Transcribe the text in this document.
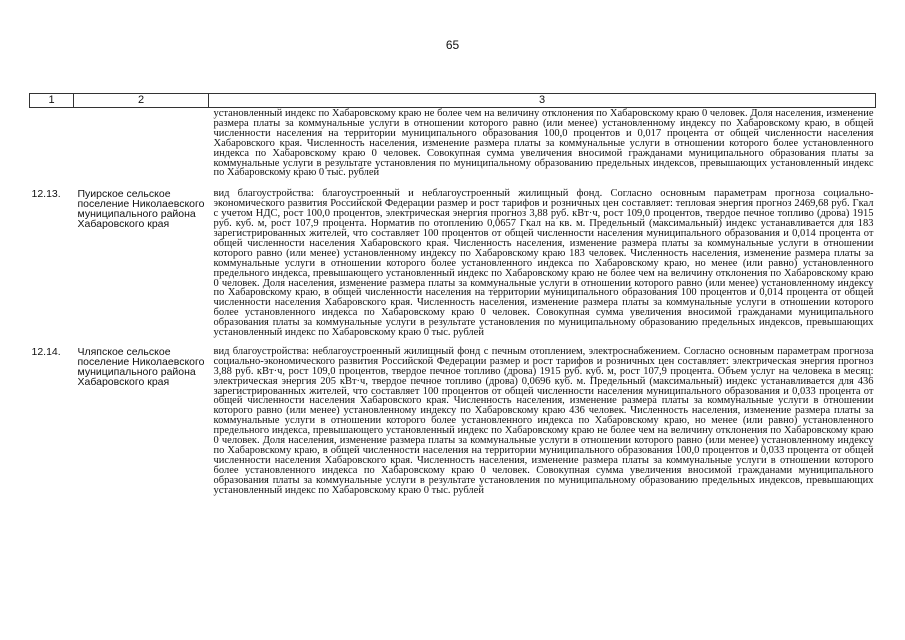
65
1	2	3
		установленный индекс по Хабаровскому краю не более чем на величину отклонения по Хабаровскому краю 0 человек. Доля населения, изменение размера платы за коммунальные услуги в отношении которого равно (или менее) установленному индексу по Хабаровскому краю, в общей численности населения на территории муниципального образования 100,0 процентов и 0,017 процента от общей численности населения Хабаровского края. Численность населения, изменение размера платы за коммунальные услуги в отношении которого более установленного индекса по Хабаровскому краю 0 человек. Совокупная сумма увеличения вносимой гражданами муниципального образования платы за коммунальные услуги в результате установления по муниципальному образованию предельных индексов, превышающих установленный индекс по Хабаровскому краю 0 тыс. рублей
12.13.	Пуирское сельское поселение Николаевского муниципального района Хабаровского края	вид благоустройства: благоустроенный и неблагоустроенный жилищный фонд. Согласно основным параметрам прогноза социально-экономического развития Российской Федерации размер и рост тарифов и розничных цен составляет: тепловая энергия прогноз 2469,68 руб. Гкал с учетом НДС, рост 100,0 процентов, электрическая энергия прогноз 3,88 руб. кВт·ч, рост 109,0 процентов, твердое печное топливо (дрова) 1915 руб. куб. м, рост 107,9 процента. Норматив по отоплению 0,0657 Гкал на кв. м. Предельный (максимальный) индекс устанавливается для 183 зарегистрированных жителей, что составляет 100 процентов от общей численности населения муниципального образования и 0,014 процента от общей численности населения Хабаровского края. Численность населения, изменение размера платы за коммунальные услуги в отношении которого равно (или менее) установленному индексу по Хабаровскому краю 183 человек. Численность населения, изменение размера платы за коммунальные услуги в отношении которого более установленного индекса по Хабаровскому краю, но менее (или равно) установленного предельного индекса, превышающего установленный индекс по Хабаровскому краю не более чем на величину отклонения по Хабаровскому краю 0 человек. Доля населения, изменение размера платы за коммунальные услуги в отношении которого равно (или менее) установленному индексу по Хабаровскому краю, в общей численности населения на территории муниципального образования 100 процентов и 0,014 процента от общей численности населения Хабаровского края. Численность населения, изменение размера платы за коммунальные услуги в отношении которого более установленного индекса по Хабаровскому краю 0 человек. Совокупная сумма увеличения вносимой гражданами муниципального образования платы за коммунальные услуги в результате установления по муниципальному образованию предельных индексов, превышающих установленный индекс по Хабаровскому краю 0 тыс. рублей
12.14.	Чляпское сельское поселение Николаевского муниципального района Хабаровского края	вид благоустройства: неблагоустроенный жилищный фонд с печным отоплением, электроснабжением. Согласно основным параметрам прогноза социально-экономического развития Российской Федерации размер и рост тарифов и розничных цен составляет: электрическая энергия прогноз 3,88 руб. кВт·ч, рост 109,0 процентов, твердое печное топливо (дрова) 1915 руб. куб. м, рост 107,9 процента. Объем услуг на человека в месяц: электрическая энергия 205 кВт·ч, твердое печное топливо (дрова) 0,0696 куб. м. Предельный (максимальный) индекс устанавливается для 436 зарегистрированных жителей, что составляет 100 процентов от общей численности населения муниципального образования и 0,033 процента от общей численности населения Хабаровского края. Численность населения, изменение размера платы за коммунальные услуги в отношении которого равно (или менее) установленному индексу по Хабаровскому краю 436 человек. Численность населения, изменение размера платы за коммунальные услуги в отношении которого более установленного индекса по Хабаровскому краю, но менее (или равно) установленного предельного индекса, превышающего установленный индекс по Хабаровскому краю не более чем на величину отклонения по Хабаровскому краю 0 человек. Доля населения, изменение размера платы за коммунальные услуги в отношении которого равно (или менее) установленному индексу по Хабаровскому краю, в общей численности населения на территории муниципального образования 100,0 процентов и 0,033 процента от общей численности населения Хабаровского края. Численность населения, изменение размера платы за коммунальные услуги в отношении которого более установленного индекса по Хабаровскому краю 0 человек. Совокупная сумма увеличения вносимой гражданами муниципального образования платы за коммунальные услуги в результате установления по муниципальному образованию предельных индексов, превышающих установленный индекс по Хабаровскому краю 0 тыс. рублей
